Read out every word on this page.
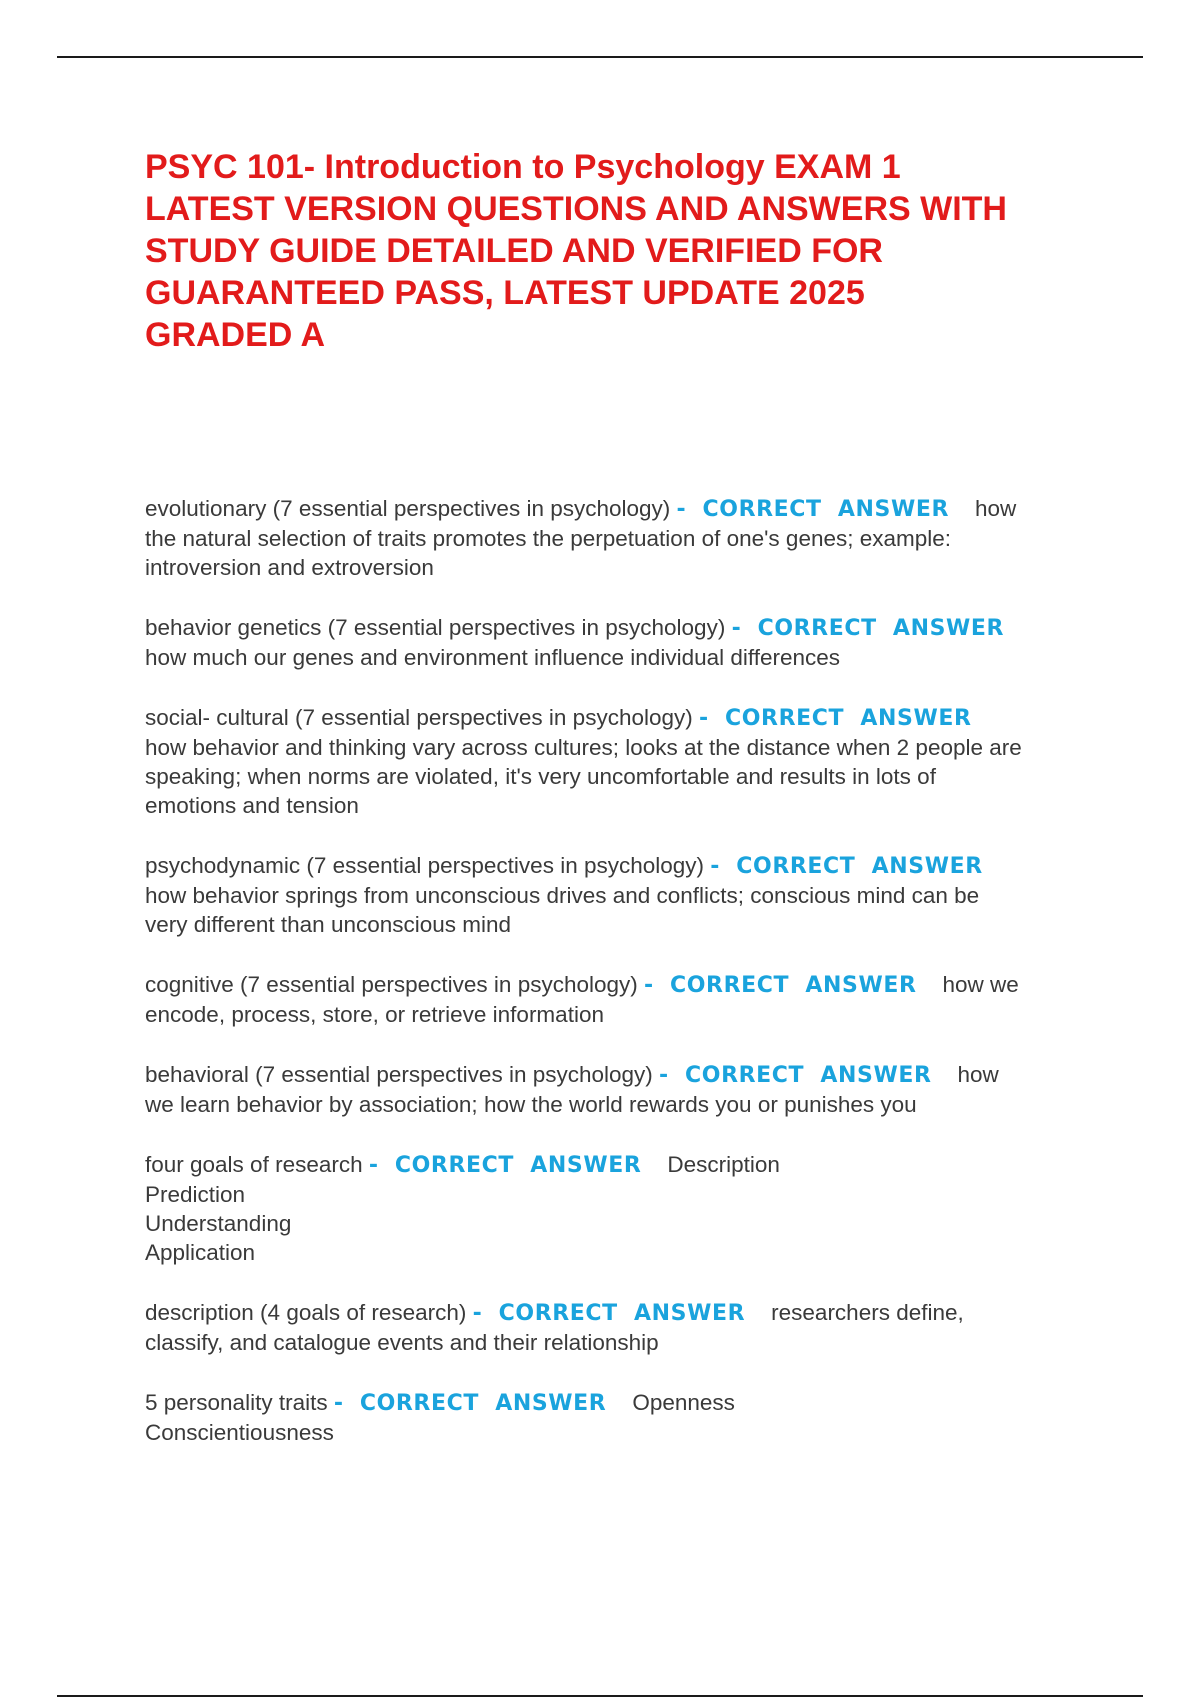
PSYC 101- Introduction to Psychology EXAM 1
LATEST VERSION QUESTIONS AND ANSWERS WITH
STUDY GUIDE DETAILED AND VERIFIED FOR
GUARANTEED PASS, LATEST UPDATE 2025
GRADED A

evolutionary (7 essential perspectives in psychology) - CORRECT ANSWER how
the natural selection of traits promotes the perpetuation of one's genes; example:
introversion and extroversion

behavior genetics (7 essential perspectives in psychology) - CORRECT ANSWER
how much our genes and environment influence individual differences

social- cultural (7 essential perspectives in psychology) - CORRECT ANSWER
how behavior and thinking vary across cultures; looks at the distance when 2 people are
speaking; when norms are violated, it's very uncomfortable and results in lots of
emotions and tension

psychodynamic (7 essential perspectives in psychology) - CORRECT ANSWER
how behavior springs from unconscious drives and conflicts; conscious mind can be
very different than unconscious mind

cognitive (7 essential perspectives in psychology) - CORRECT ANSWER how we
encode, process, store, or retrieve information

behavioral (7 essential perspectives in psychology) - CORRECT ANSWER how
we learn behavior by association; how the world rewards you or punishes you

four goals of research - CORRECT ANSWER Description
Prediction
Understanding
Application

description (4 goals of research) - CORRECT ANSWER researchers define,
classify, and catalogue events and their relationship

5 personality traits - CORRECT ANSWER Openness
Conscientiousness
